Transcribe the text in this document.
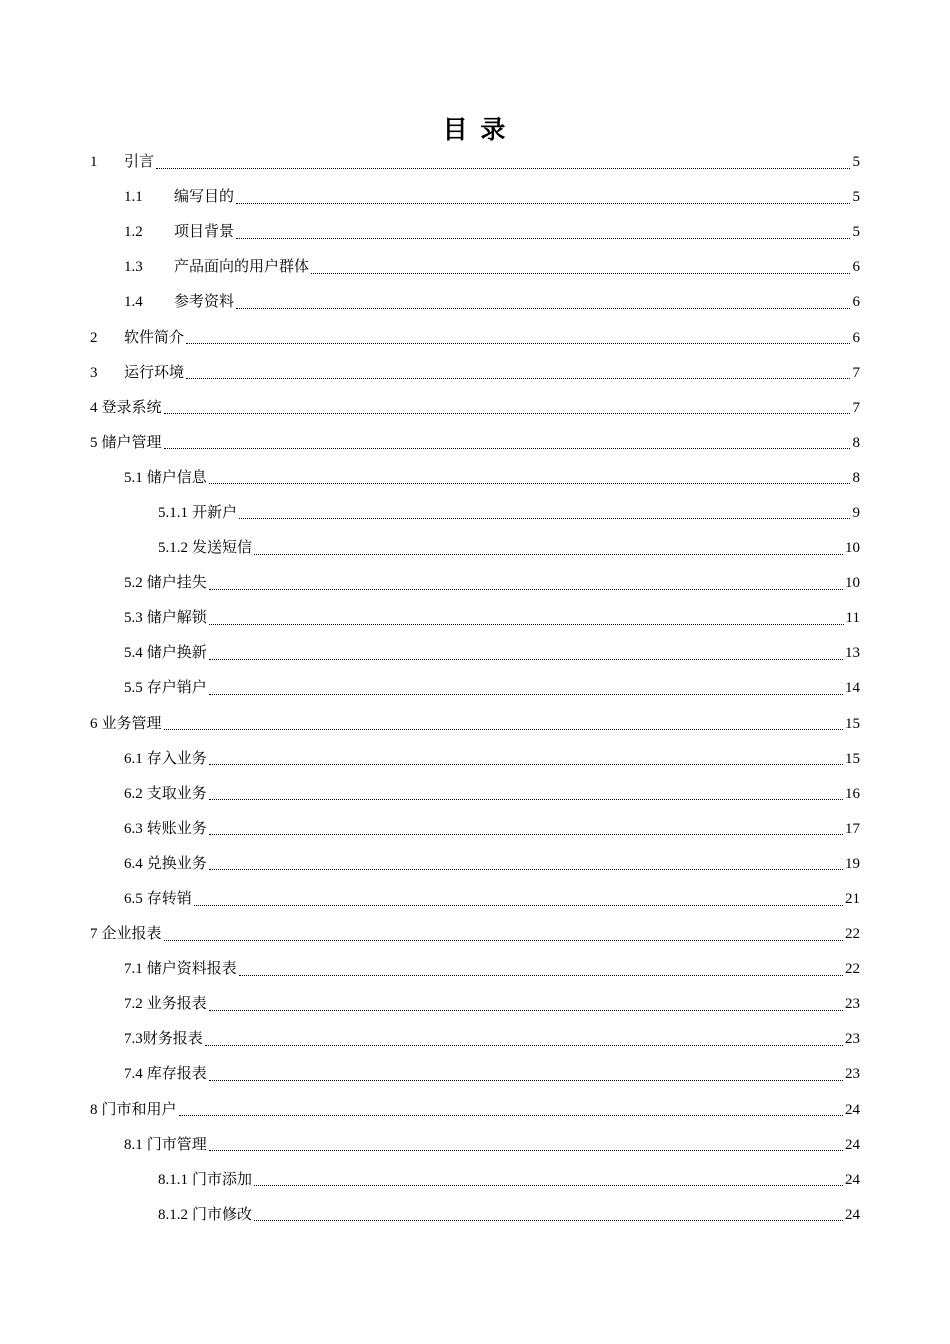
目 录
1	引言	5
1.1	编写目的	5
1.2	项目背景	5
1.3	产品面向的用户群体	6
1.4	参考资料	6
2	软件简介	6
3	运行环境	7
4 登录系统	7
5 储户管理	8
5.1 储户信息	8
5.1.1 开新户	9
5.1.2 发送短信	10
5.2 储户挂失	10
5.3 储户解锁	11
5.4 储户换新	13
5.5 存户销户	14
6 业务管理	15
6.1 存入业务	15
6.2 支取业务	16
6.3 转账业务	17
6.4 兑换业务	19
6.5 存转销	21
7 企业报表	22
7.1 储户资料报表	22
7.2 业务报表	23
7.3 财务报表	23
7.4 库存报表	23
8 门市和用户	24
8.1 门市管理	24
8.1.1 门市添加	24
8.1.2 门市修改	24
